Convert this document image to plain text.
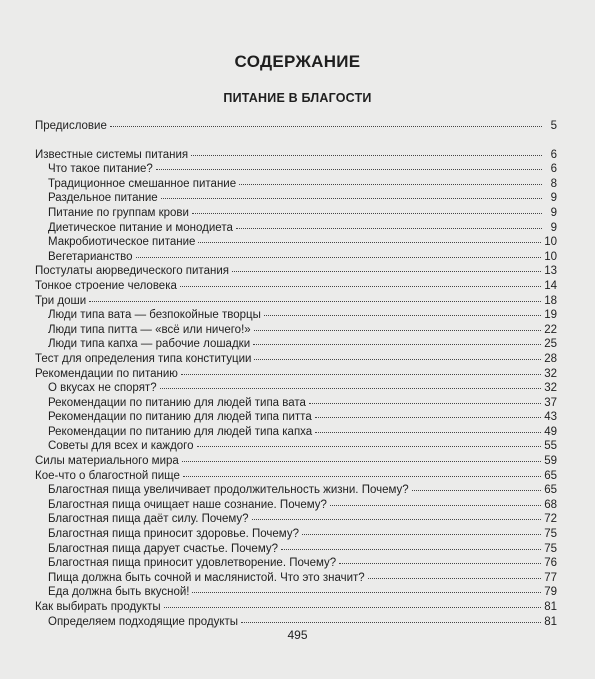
СОДЕРЖАНИЕ
ПИТАНИЕ В БЛАГОСТИ
Предисловие	5
Известные системы питания	6
Что такое питание?	6
Традиционное смешанное питание	8
Раздельное питание	9
Питание по группам крови	9
Диетическое питание и монодиета	9
Макробиотическое питание	10
Вегетарианство	10
Постулаты аюрведического питания	13
Тонкое строение человека	14
Три доши	18
Люди типа вата — безпокойные творцы	19
Люди типа питта — «всё или ничего!»	22
Люди типа капха — рабочие лошадки	25
Тест для определения типа конституции	28
Рекомендации по питанию	32
О вкусах не спорят?	32
Рекомендации по питанию для людей типа вата	37
Рекомендации по питанию для людей типа питта	43
Рекомендации по питанию для людей типа капха	49
Советы для всех и каждого	55
Силы материального мира	59
Кое-что о благостной пище	65
Благостная пища увеличивает продолжительность жизни. Почему?	65
Благостная пища очищает наше сознание. Почему?	68
Благостная пища даёт силу. Почему?	72
Благостная пища приносит здоровье. Почему?	75
Благостная пища дарует счастье. Почему?	75
Благостная пища приносит удовлетворение. Почему?	76
Пища должна быть сочной и маслянистой. Что это значит?	77
Еда должна быть вкусной!	79
Как выбирать продукты	81
Определяем подходящие продукты	81
495
